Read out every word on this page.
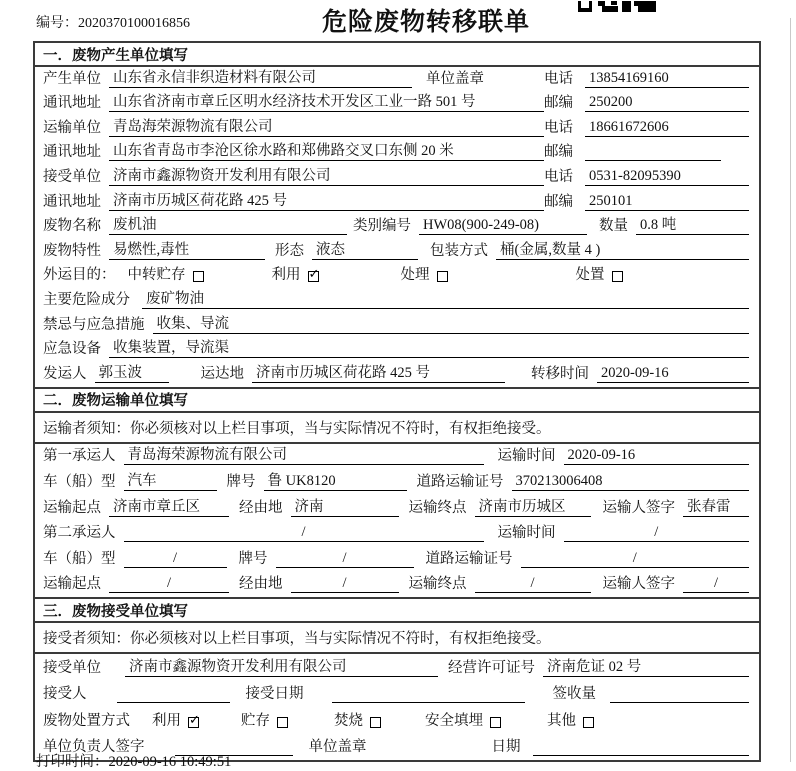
编号：2020370100016856	危险废物转移联单
一．废物产生单位填写
产生单位 山东省永信非织造材料有限公司	单位盖章	电话 13854169160
通讯地址 山东省济南市章丘区明水经济技术开发区工业一路 501 号	邮编 250200
运输单位 青岛海荣源物流有限公司	电话 18661672606
通讯地址 山东省青岛市李沧区徐水路和郑佛路交叉口东侧 20 米	邮编
接受单位 济南市鑫源物资开发利用有限公司	电话 0531-82095390
通讯地址 济南市历城区荷花路 425 号	邮编 250101
废物名称 废机油	类别编号 HW08(900-249-08)	数量 0.8 吨
废物特性 易燃性,毒性	形态 液态	包装方式 桶(金属,数量 4 )
外运目的： 中转贮存	利用 ✓	处理	处置
主要危险成分 废矿物油
禁忌与应急措施 收集、导流
应急设备 收集装置，导流渠
发运人 郭玉波	运达地 济南市历城区荷花路 425 号	转移时间 2020-09-16
二．废物运输单位填写
运输者须知：你必须核对以上栏目事项，当与实际情况不符时，有权拒绝接受。
第一承运人 青岛海荣源物流有限公司	运输时间 2020-09-16
车（船）型 汽车	牌号 鲁 UK8120	道路运输证号 370213006408
运输起点 济南市章丘区	经由地 济南	运输终点 济南市历城区	运输人签字 张春雷
第二承运人	/	运输时间	/
车（船）型	/	牌号	/	道路运输证号	/
运输起点	/	经由地	/	运输终点	/	运输人签字	/
三．废物接受单位填写
接受者须知：你必须核对以上栏目事项，当与实际情况不符时，有权拒绝接受。
接受单位 济南市鑫源物资开发利用有限公司	经营许可证号 济南危证 02 号
接受人	接受日期	签收量
废物处置方式 利用 ✓	贮存	焚烧	安全填埋	其他
单位负责人签字	单位盖章	日期
打印时间：2020-09-16 10:49:51
